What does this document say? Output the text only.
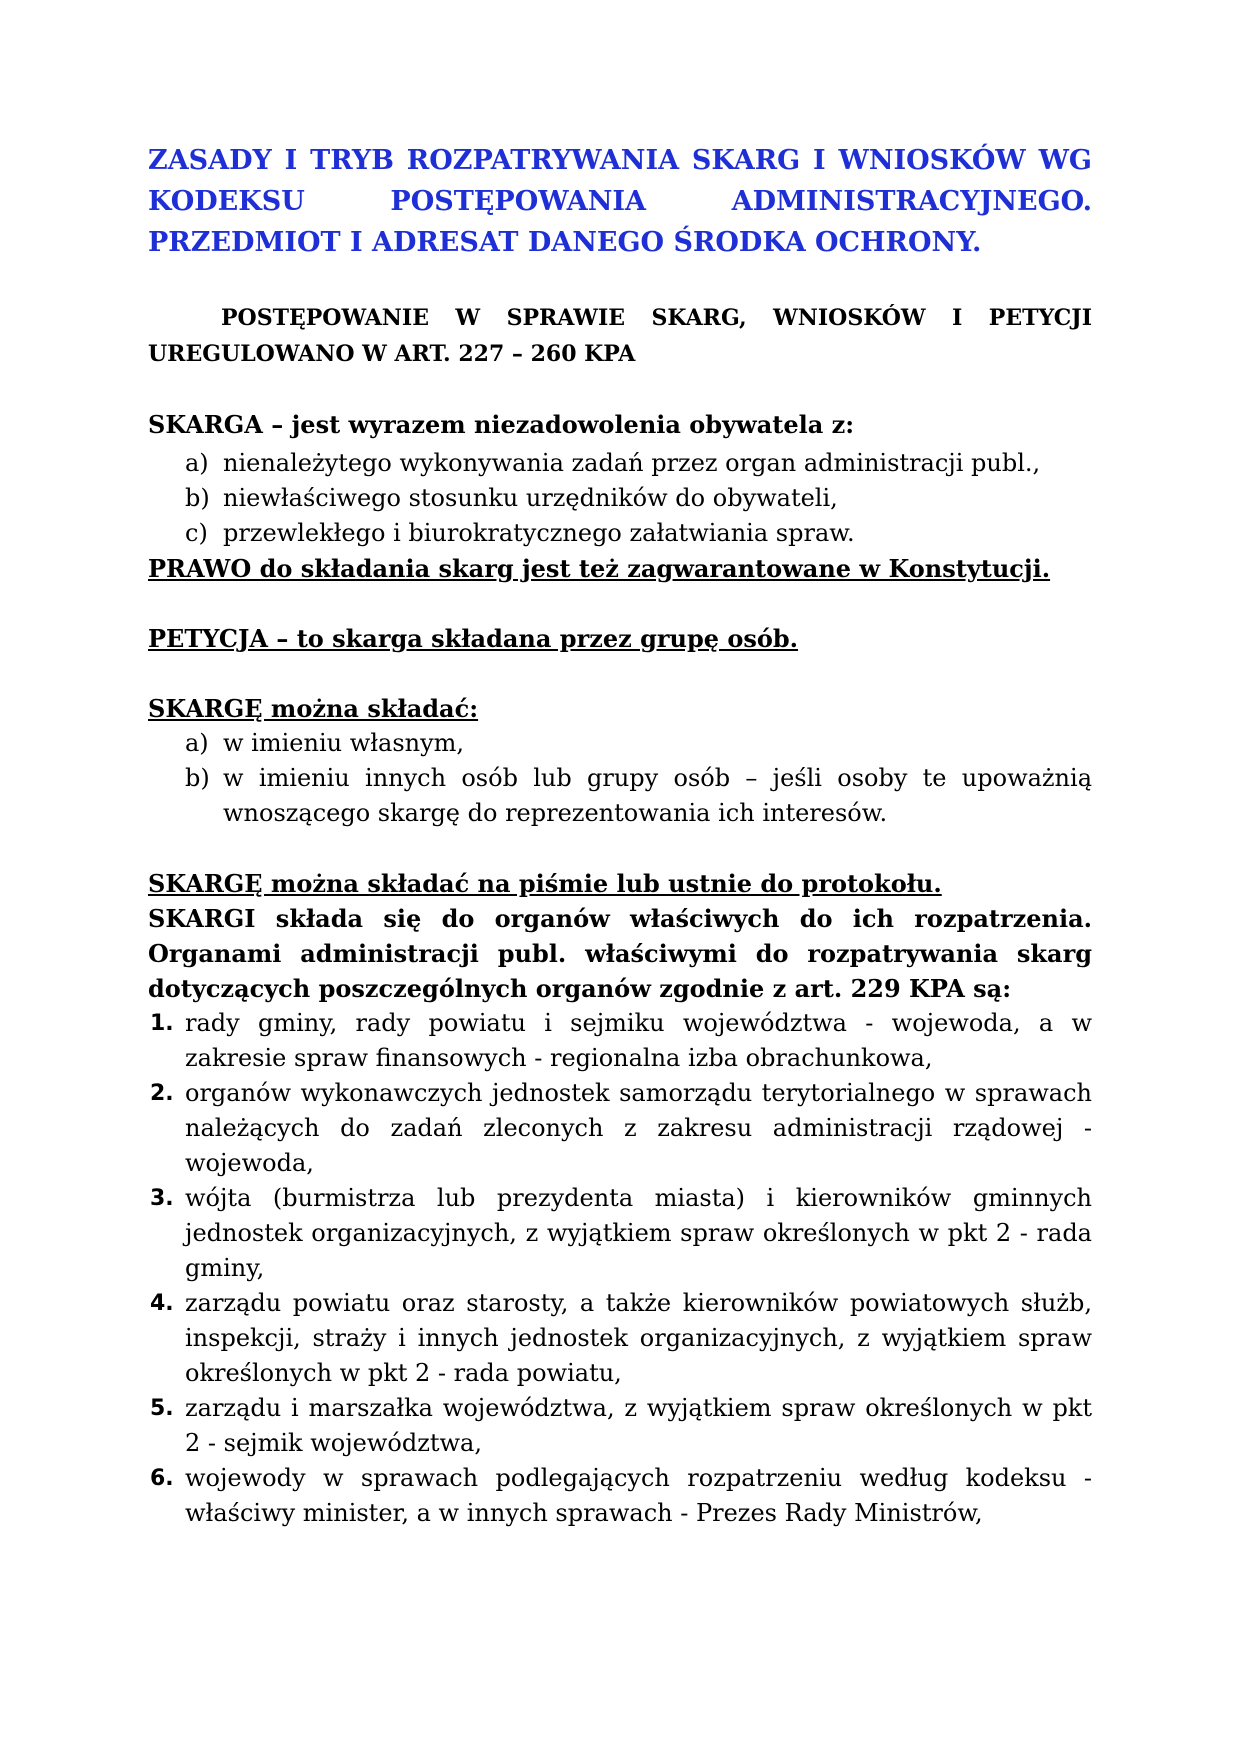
ZASADY I TRYB ROZPATRYWANIA SKARG I WNIOSKÓW WG KODEKSU POSTĘPOWANIA ADMINISTRACYJNEGO. PRZEDMIOT I ADRESAT DANEGO ŚRODKA OCHRONY.

POSTĘPOWANIE W SPRAWIE SKARG, WNIOSKÓW I PETYCJI UREGULOWANO W ART. 227 – 260 KPA

SKARGA – jest wyrazem niezadowolenia obywatela z:

a) nienależytego wykonywania zadań przez organ administracji publ.,
b) niewłaściwego stosunku urzędników do obywateli,
c) przewlekłego i biurokratycznego załatwiania spraw.

PRAWO do składania skarg jest też zagwarantowane w Konstytucji.

PETYCJA – to skarga składana przez grupę osób.

SKARGĘ można składać:

a) w imieniu własnym,
b) w imieniu innych osób lub grupy osób – jeśli osoby te upoważnią wnoszącego skargę do reprezentowania ich interesów.

SKARGĘ można składać na piśmie lub ustnie do protokołu.

SKARGI składa się do organów właściwych do ich rozpatrzenia. Organami administracji publ. właściwymi do rozpatrywania skarg dotyczących poszczególnych organów zgodnie z art. 229 KPA są:

1. rady gminy, rady powiatu i sejmiku województwa - wojewoda, a w zakresie spraw finansowych - regionalna izba obrachunkowa,
2. organów wykonawczych jednostek samorządu terytorialnego w sprawach należących do zadań zleconych z zakresu administracji rządowej - wojewoda,
3. wójta (burmistrza lub prezydenta miasta) i kierowników gminnych jednostek organizacyjnych, z wyjątkiem spraw określonych w pkt 2 - rada gminy,
4. zarządu powiatu oraz starosty, a także kierowników powiatowych służb, inspekcji, straży i innych jednostek organizacyjnych, z wyjątkiem spraw określonych w pkt 2 - rada powiatu,
5. zarządu i marszałka województwa, z wyjątkiem spraw określonych w pkt 2 - sejmik województwa,
6. wojewody w sprawach podlegających rozpatrzeniu według kodeksu - właściwy minister, a w innych sprawach - Prezes Rady Ministrów,
